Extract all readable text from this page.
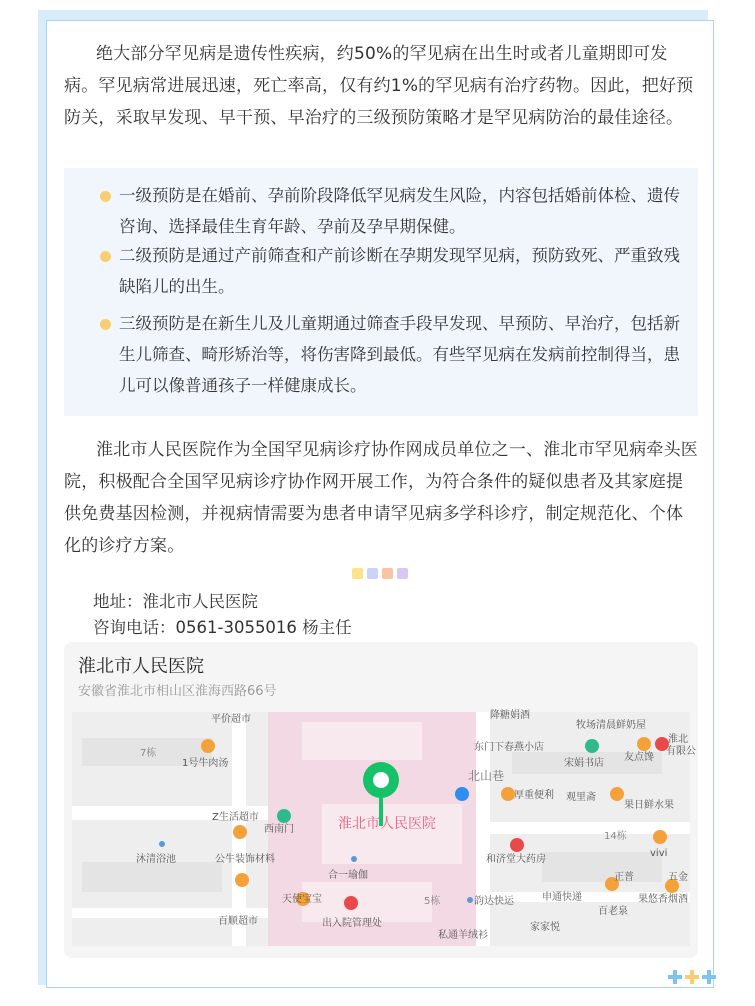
绝大部分罕见病是遗传性疾病，约50%的罕见病在出生时或者儿童期即可发病。罕见病常进展迅速，死亡率高，仅有约1%的罕见病有治疗药物。因此，把好预防关，采取早发现、早干预、早治疗的三级预防策略才是罕见病防治的最佳途径。

一级预防是在婚前、孕前阶段降低罕见病发生风险，内容包括婚前体检、遗传咨询、选择最佳生育年龄、孕前及孕早期保健。
二级预防是通过产前筛查和产前诊断在孕期发现罕见病，预防致死、严重致残缺陷儿的出生。
三级预防是在新生儿及儿童期通过筛查手段早发现、早预防、早治疗，包括新生儿筛查、畸形矫治等，将伤害降到最低。有些罕见病在发病前控制得当，患儿可以像普通孩子一样健康成长。

淮北市人民医院作为全国罕见病诊疗协作网成员单位之一、淮北市罕见病牵头医院，积极配合全国罕见病诊疗协作网开展工作，为符合条件的疑似患者及其家庭提供免费基因检测，并视病情需要为患者申请罕见病多学科诊疗，制定规范化、个体化的诊疗方案。

地址：淮北市人民医院
咨询电话：0561-3055016 杨主任
淮北市人民医院
安徽省淮北市相山区淮海西路66号
淮北市人民医院
平价超市
7栋
1号牛肉汤
Z生活超市
西南门
沐清浴池	公牛装饰材料
合一瑜伽
百顺超市
天使宝宝
出入院管理处
5栋	韵达快运	申通快递
家家悦
私通羊绒衫
百老泉
果悠香烟酒
和济堂大药房
14栋
vivi
正普	五金
厚重便利 观里斋
果日鲜水果
东门下春燕小店
宋娟书店
友点馋
牧场清晨鲜奶屋
淮北
有限公
北山巷
降糖娟酒
